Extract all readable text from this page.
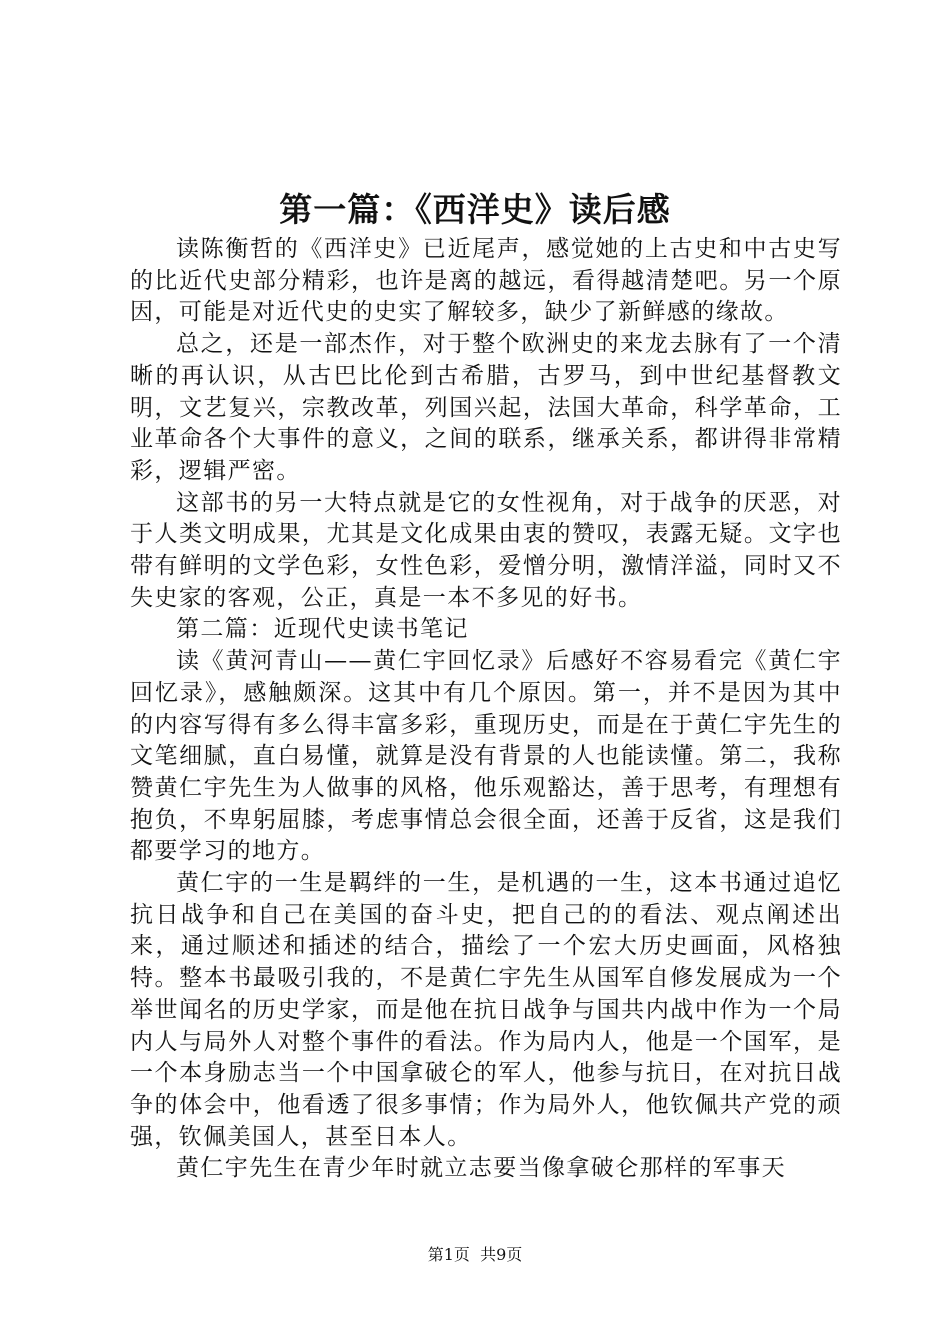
第一篇：《西洋史》读后感

读陈衡哲的《西洋史》已近尾声，感觉她的上古史和中古史写的比近代史部分精彩，也许是离的越远，看得越清楚吧。另一个原因，可能是对近代史的史实了解较多，缺少了新鲜感的缘故。

总之，还是一部杰作，对于整个欧洲史的来龙去脉有了一个清晰的再认识，从古巴比伦到古希腊，古罗马，到中世纪基督教文明，文艺复兴，宗教改革，列国兴起，法国大革命，科学革命，工业革命各个大事件的意义，之间的联系，继承关系，都讲得非常精彩，逻辑严密。

这部书的另一大特点就是它的女性视角，对于战争的厌恶，对于人类文明成果，尤其是文化成果由衷的赞叹，表露无疑。文字也带有鲜明的文学色彩，女性色彩，爱憎分明，激情洋溢，同时又不失史家的客观，公正，真是一本不多见的好书。

第二篇：近现代史读书笔记

读《黄河青山——黄仁宇回忆录》后感好不容易看完《黄仁宇回忆录》，感触颇深。这其中有几个原因。第一，并不是因为其中的内容写得有多么得丰富多彩，重现历史，而是在于黄仁宇先生的文笔细腻，直白易懂，就算是没有背景的人也能读懂。第二，我称赞黄仁宇先生为人做事的风格，他乐观豁达，善于思考，有理想有抱负，不卑躬屈膝，考虑事情总会很全面，还善于反省，这是我们都要学习的地方。

黄仁宇的一生是羁绊的一生，是机遇的一生，这本书通过追忆抗日战争和自己在美国的奋斗史，把自己的的看法、观点阐述出来，通过顺述和插述的结合，描绘了一个宏大历史画面，风格独特。整本书最吸引我的，不是黄仁宇先生从国军自修发展成为一个举世闻名的历史学家，而是他在抗日战争与国共内战中作为一个局内人与局外人对整个事件的看法。作为局内人，他是一个国军，是一个本身励志当一个中国拿破仑的军人，他参与抗日，在对抗日战争的体会中，他看透了很多事情；作为局外人，他钦佩共产党的顽强，钦佩美国人，甚至日本人。

黄仁宇先生在青少年时就立志要当像拿破仑那样的军事天

第1页 共9页
